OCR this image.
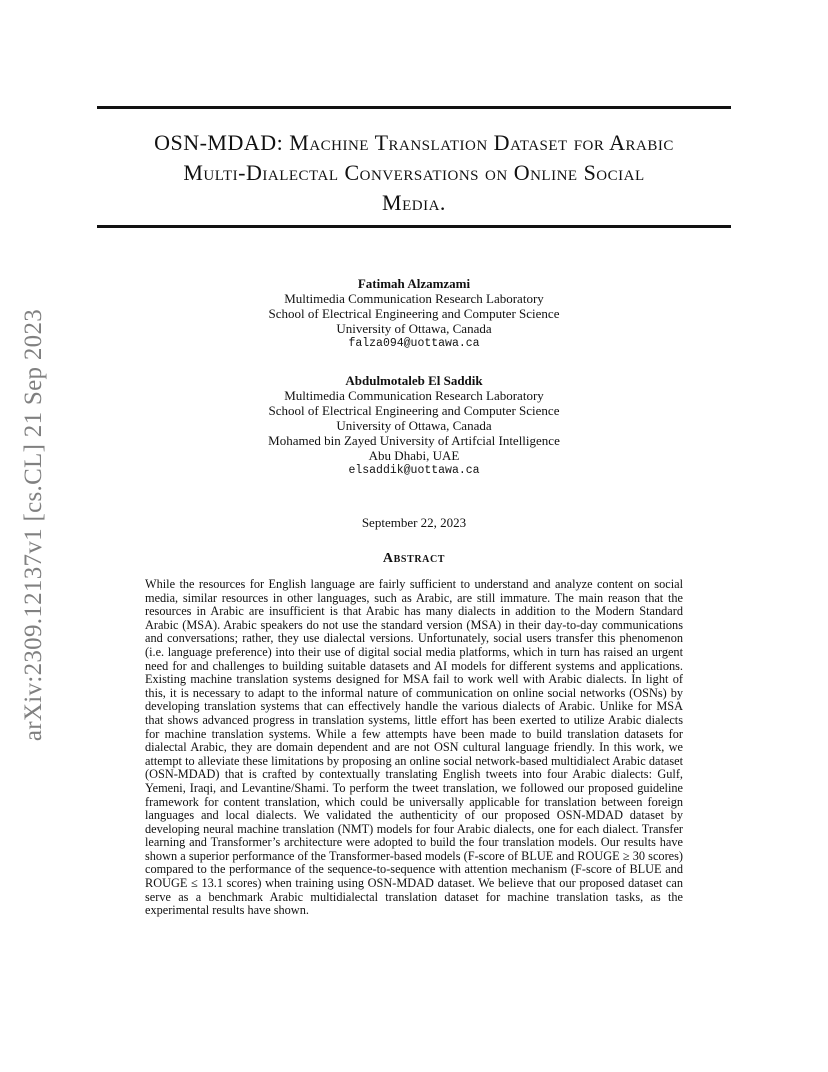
arXiv:2309.12137v1 [cs.CL] 21 Sep 2023
OSN-MDAD: Machine Translation Dataset for Arabic
Multi-Dialectal Conversations on Online Social
Media.
Fatimah Alzamzami
Multimedia Communication Research Laboratory
School of Electrical Engineering and Computer Science
University of Ottawa, Canada
falza094@uottawa.ca
Abdulmotaleb El Saddik
Multimedia Communication Research Laboratory
School of Electrical Engineering and Computer Science
University of Ottawa, Canada
Mohamed bin Zayed University of Artifcial Intelligence
Abu Dhabi, UAE
elsaddik@uottawa.ca
September 22, 2023
Abstract

While the resources for English language are fairly sufficient to understand and analyze content on social media, similar resources in other languages, such as Arabic, are still immature. The main reason that the resources in Arabic are insufficient is that Arabic has many dialects in addition to the Modern Standard Arabic (MSA). Arabic speakers do not use the standard version (MSA) in their day-to-day communications and conversations; rather, they use dialectal versions. Unfortunately, social users transfer this phenomenon (i.e. language preference) into their use of digital social media platforms, which in turn has raised an urgent need for and challenges to building suitable datasets and AI models for different systems and applications. Existing machine translation systems designed for MSA fail to work well with Arabic dialects. In light of this, it is necessary to adapt to the informal nature of communication on online social networks (OSNs) by developing translation systems that can effectively handle the various dialects of Arabic. Unlike for MSA that shows advanced progress in translation systems, little effort has been exerted to utilize Arabic dialects for machine translation systems. While a few attempts have been made to build translation datasets for dialectal Arabic, they are domain dependent and are not OSN cultural language friendly. In this work, we attempt to alleviate these limitations by proposing an online social network-based multidialect Arabic dataset (OSN-MDAD) that is crafted by contextually translating English tweets into four Arabic dialects: Gulf, Yemeni, Iraqi, and Levantine/Shami. To perform the tweet translation, we followed our proposed guideline framework for content translation, which could be universally applicable for translation between foreign languages and local dialects. We validated the authenticity of our proposed OSN-MDAD dataset by developing neural machine translation (NMT) models for four Arabic dialects, one for each dialect. Transfer learning and Transformer’s architecture were adopted to build the four translation models. Our results have shown a superior performance of the Transformer-based models (F-score of BLUE and ROUGE ≥ 30 scores) compared to the performance of the sequence-to-sequence with attention mechanism (F-score of BLUE and ROUGE ≤ 13.1 scores) when training using OSN-MDAD dataset. We believe that our proposed dataset can serve as a benchmark Arabic multidialectal translation dataset for machine translation tasks, as the experimental results have shown.
